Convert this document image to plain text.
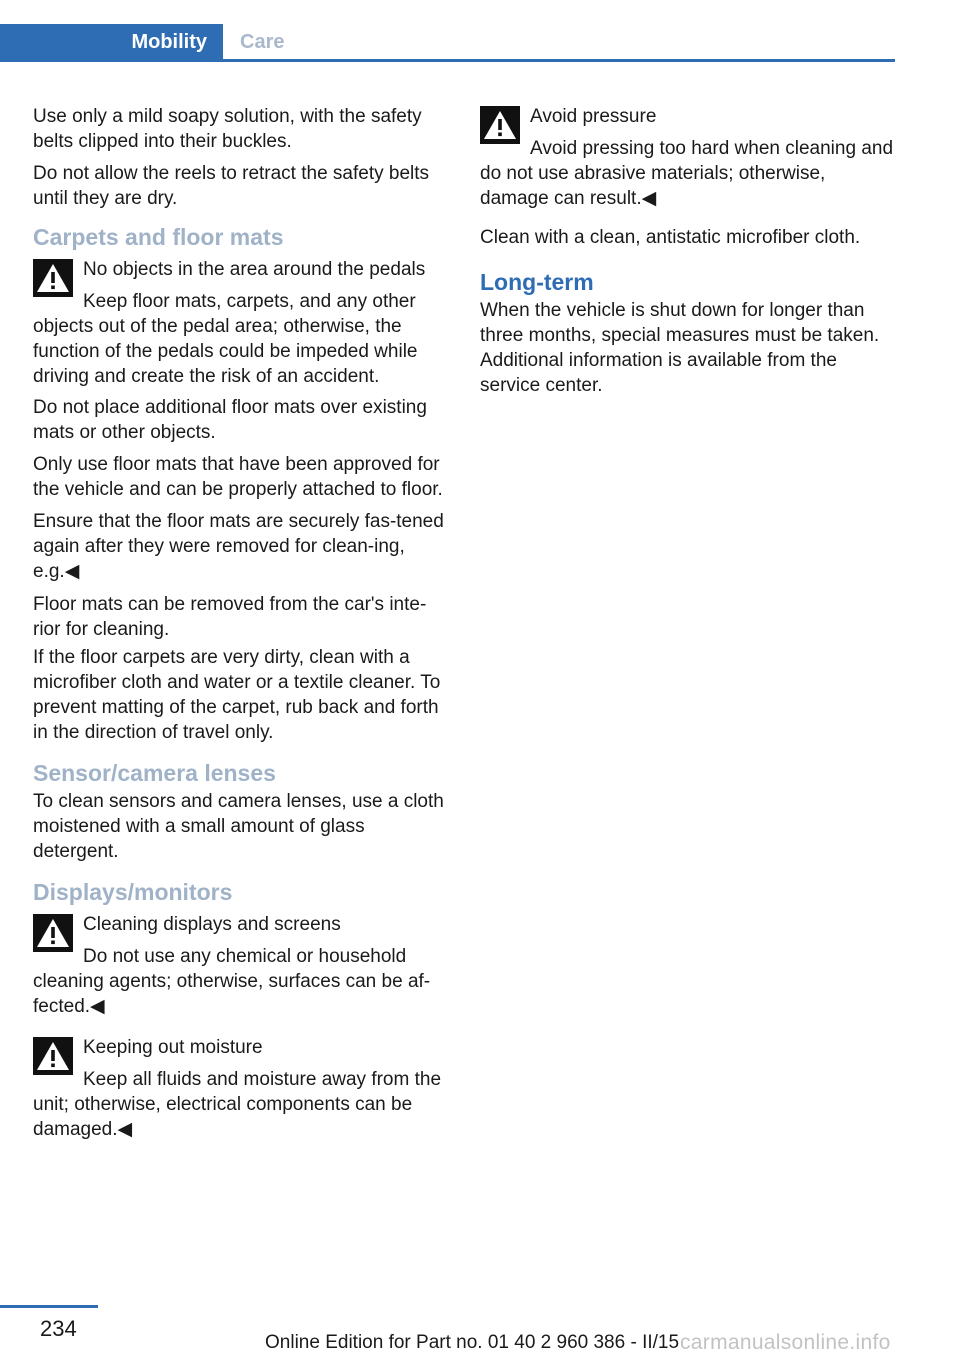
Mobility	Care

Use only a mild soapy solution, with the safety belts clipped into their buckles.

Do not allow the reels to retract the safety belts until they are dry.

Carpets and floor mats

No objects in the area around the pedals

Keep floor mats, carpets, and any other objects out of the pedal area; otherwise, the function of the pedals could be impeded while driving and create the risk of an accident.

Do not place additional floor mats over existing mats or other objects.

Only use floor mats that have been approved for the vehicle and can be properly attached to floor.

Ensure that the floor mats are securely fas‐tened again after they were removed for clean‐ing, e.g.◀

Floor mats can be removed from the car's inte‐rior for cleaning.

If the floor carpets are very dirty, clean with a microfiber cloth and water or a textile cleaner. To prevent matting of the carpet, rub back and forth in the direction of travel only.

Sensor/camera lenses

To clean sensors and camera lenses, use a cloth moistened with a small amount of glass detergent.

Displays/monitors

Cleaning displays and screens

Do not use any chemical or household cleaning agents; otherwise, surfaces can be af‐fected.◀

Keeping out moisture

Keep all fluids and moisture away from the unit; otherwise, electrical components can be damaged.◀

Avoid pressure

Avoid pressing too hard when cleaning and do not use abrasive materials; otherwise, damage can result.◀

Clean with a clean, antistatic microfiber cloth.

Long-term

When the vehicle is shut down for longer than three months, special measures must be taken. Additional information is available from the service center.

234
Online Edition for Part no. 01 40 2 960 386 - II/15 carmanualsonline.info
